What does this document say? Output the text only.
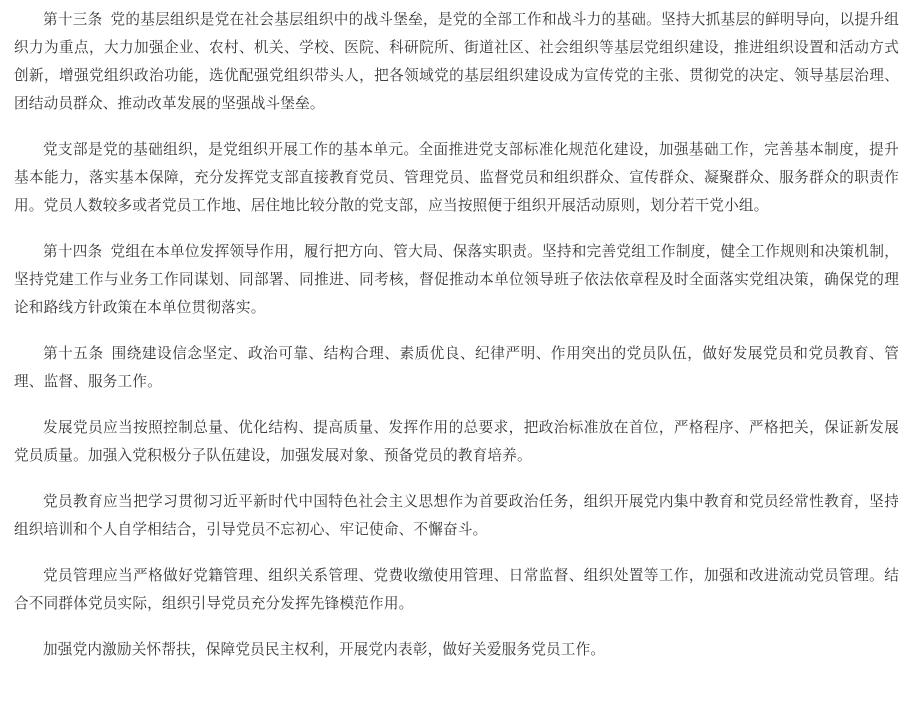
第十三条 党的基层组织是党在社会基层组织中的战斗堡垒，是党的全部工作和战斗力的基础。坚持大抓基层的鲜明导向，以提升组织力为重点，大力加强企业、农村、机关、学校、医院、科研院所、街道社区、社会组织等基层党组织建设，推进组织设置和活动方式创新，增强党组织政治功能，选优配强党组织带头人，把各领域党的基层组织建设成为宣传党的主张、贯彻党的决定、领导基层治理、团结动员群众、推动改革发展的坚强战斗堡垒。

党支部是党的基础组织，是党组织开展工作的基本单元。全面推进党支部标准化规范化建设，加强基础工作，完善基本制度，提升基本能力，落实基本保障，充分发挥党支部直接教育党员、管理党员、监督党员和组织群众、宣传群众、凝聚群众、服务群众的职责作用。党员人数较多或者党员工作地、居住地比较分散的党支部，应当按照便于组织开展活动原则，划分若干党小组。

第十四条 党组在本单位发挥领导作用，履行把方向、管大局、保落实职责。坚持和完善党组工作制度，健全工作规则和决策机制，坚持党建工作与业务工作同谋划、同部署、同推进、同考核，督促推动本单位领导班子依法依章程及时全面落实党组决策，确保党的理论和路线方针政策在本单位贯彻落实。

第十五条 围绕建设信念坚定、政治可靠、结构合理、素质优良、纪律严明、作用突出的党员队伍，做好发展党员和党员教育、管理、监督、服务工作。

发展党员应当按照控制总量、优化结构、提高质量、发挥作用的总要求，把政治标准放在首位，严格程序、严格把关，保证新发展党员质量。加强入党积极分子队伍建设，加强发展对象、预备党员的教育培养。

党员教育应当把学习贯彻习近平新时代中国特色社会主义思想作为首要政治任务，组织开展党内集中教育和党员经常性教育，坚持组织培训和个人自学相结合，引导党员不忘初心、牢记使命、不懈奋斗。

党员管理应当严格做好党籍管理、组织关系管理、党费收缴使用管理、日常监督、组织处置等工作，加强和改进流动党员管理。结合不同群体党员实际，组织引导党员充分发挥先锋模范作用。

加强党内激励关怀帮扶，保障党员民主权利，开展党内表彰，做好关爱服务党员工作。
